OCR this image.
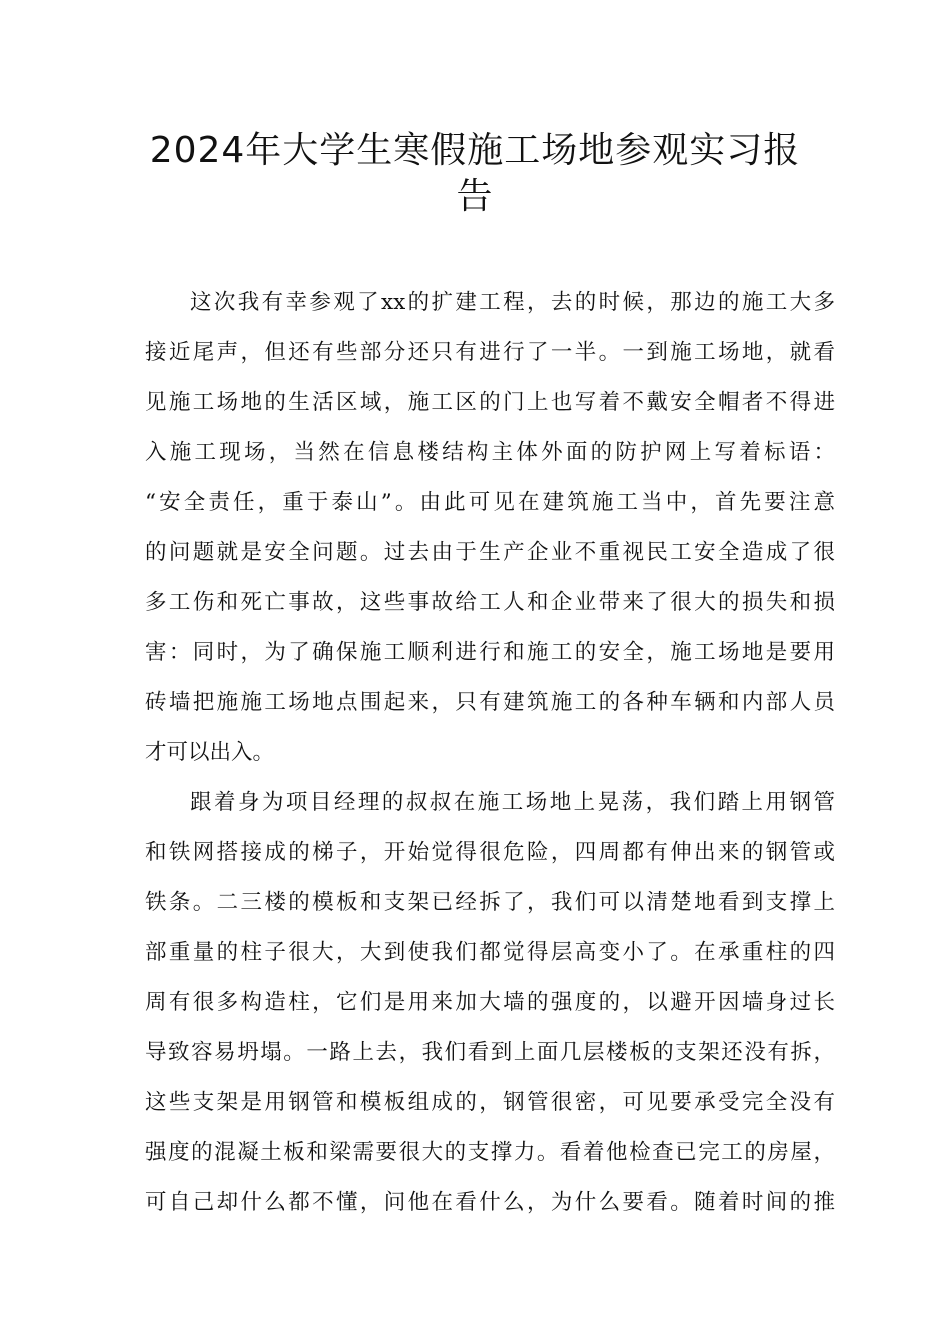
2024年大学生寒假施工场地参观实习报
告
这次我有幸参观了xx的扩建工程，去的时候，那边的施工大多
接近尾声，但还有些部分还只有进行了一半。一到施工场地，就看
见施工场地的生活区域，施工区的门上也写着不戴安全帽者不得进
入施工现场，当然在信息楼结构主体外面的防护网上写着标语：
“安全责任，重于泰山”。由此可见在建筑施工当中，首先要注意
的问题就是安全问题。过去由于生产企业不重视民工安全造成了很
多工伤和死亡事故，这些事故给工人和企业带来了很大的损失和损
害：同时，为了确保施工顺利进行和施工的安全，施工场地是要用
砖墙把施施工场地点围起来，只有建筑施工的各种车辆和内部人员
才可以出入。
跟着身为项目经理的叔叔在施工场地上晃荡，我们踏上用钢管
和铁网搭接成的梯子，开始觉得很危险，四周都有伸出来的钢管或
铁条。二三楼的模板和支架已经拆了，我们可以清楚地看到支撑上
部重量的柱子很大，大到使我们都觉得层高变小了。在承重柱的四
周有很多构造柱，它们是用来加大墙的强度的，以避开因墙身过长
导致容易坍塌。一路上去，我们看到上面几层楼板的支架还没有拆，
这些支架是用钢管和模板组成的，钢管很密，可见要承受完全没有
强度的混凝土板和梁需要很大的支撑力。看着他检查已完工的房屋，
可自己却什么都不懂，问他在看什么，为什么要看。随着时间的推
